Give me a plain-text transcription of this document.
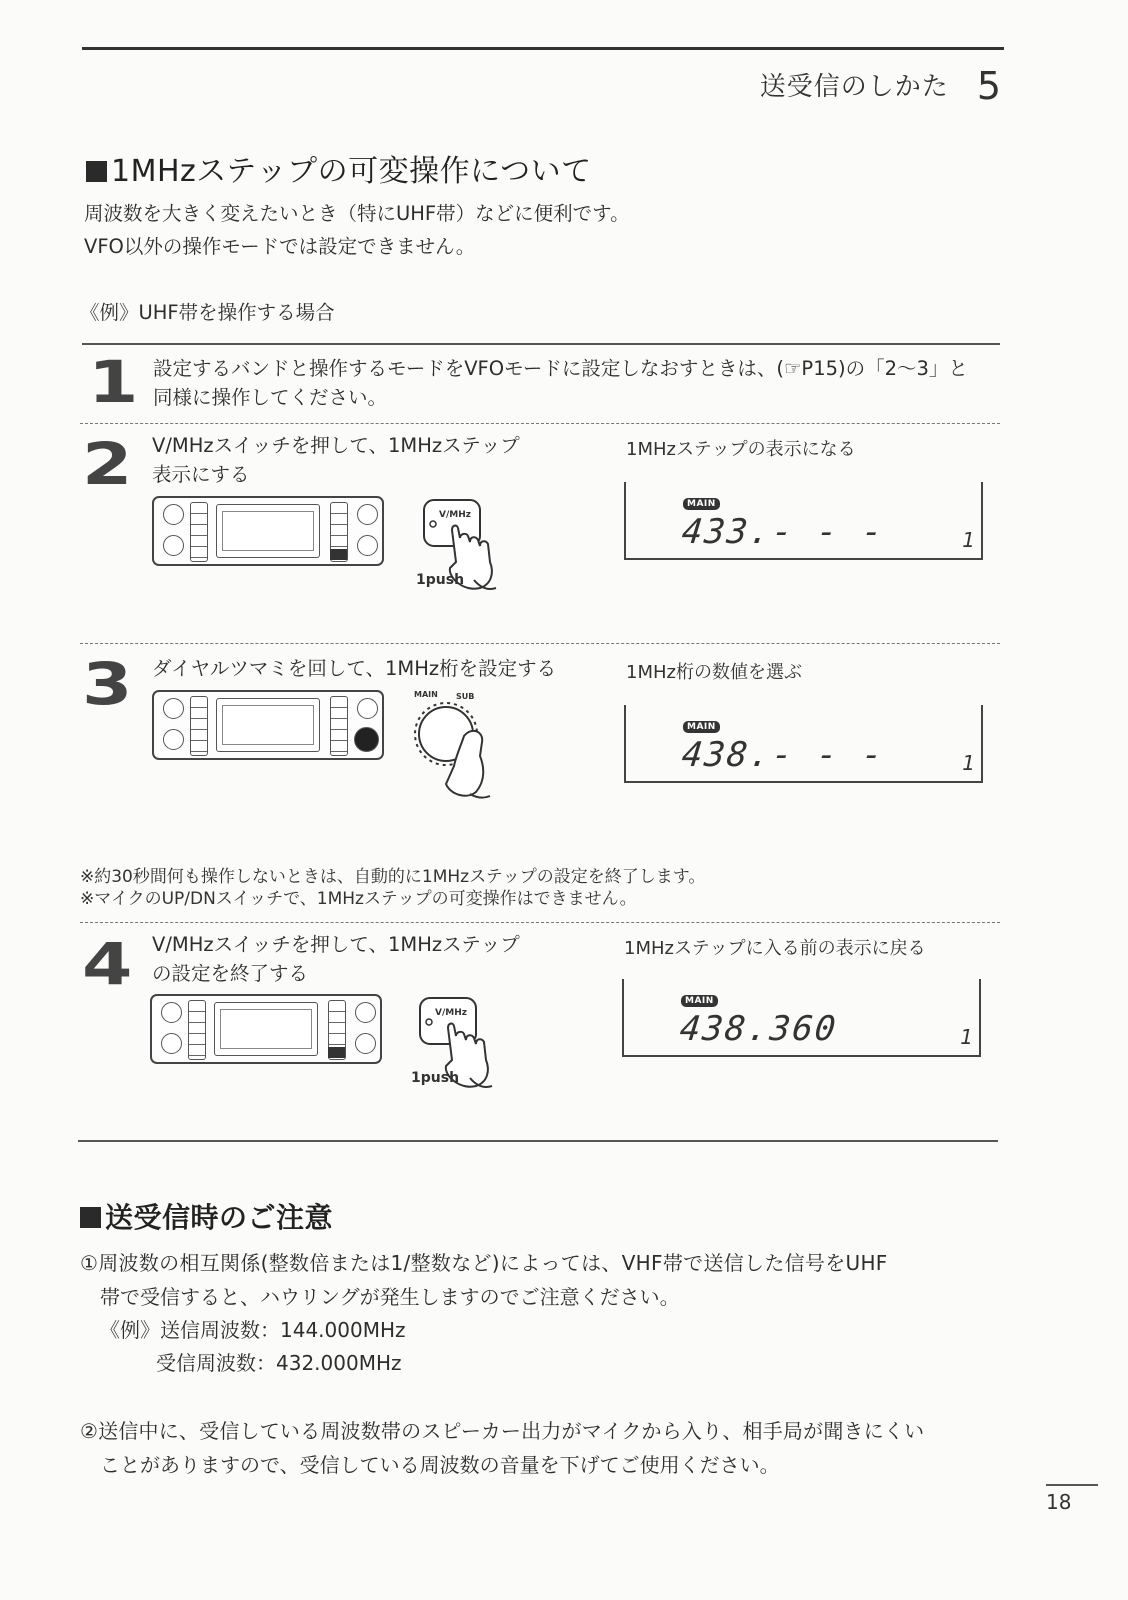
送受信のしかた 5
1MHzステップの可変操作について
周波数を大きく変えたいとき（特にUHF帯）などに便利です。
VFO以外の操作モードでは設定できません。
《例》UHF帯を操作する場合
1 設定するバンドと操作するモードをVFOモードに設定しなおすときは、(☞P15)の「2～3」と
同様に操作してください。
2 V/MHzスイッチを押して、1MHzステップ
表示にする
1MHzステップの表示になる
V/MHz
1push
MAIN
433.- - -	1
3 ダイヤルツマミを回して、1MHz桁を設定する	1MHz桁の数値を選ぶ
MAIN SUB
MAIN
438.- - -	1
※約30秒間何も操作しないときは、自動的に1MHzステップの設定を終了します。
※マイクのUP/DNスイッチで、1MHzステップの可変操作はできません。
4 V/MHzスイッチを押して、1MHzステップ
の設定を終了する
1MHzステップに入る前の表示に戻る
V/MHz
1push
MAIN
438.360	1
送受信時のご注意
①周波数の相互関係(整数倍または1/整数など)によっては、VHF帯で送信した信号をUHF
帯で受信すると、ハウリングが発生しますのでご注意ください。
《例》送信周波数：144.000MHz
受信周波数：432.000MHz
②送信中に、受信している周波数帯のスピーカー出力がマイクから入り、相手局が聞きにくい
ことがありますので、受信している周波数の音量を下げてご使用ください。
18
